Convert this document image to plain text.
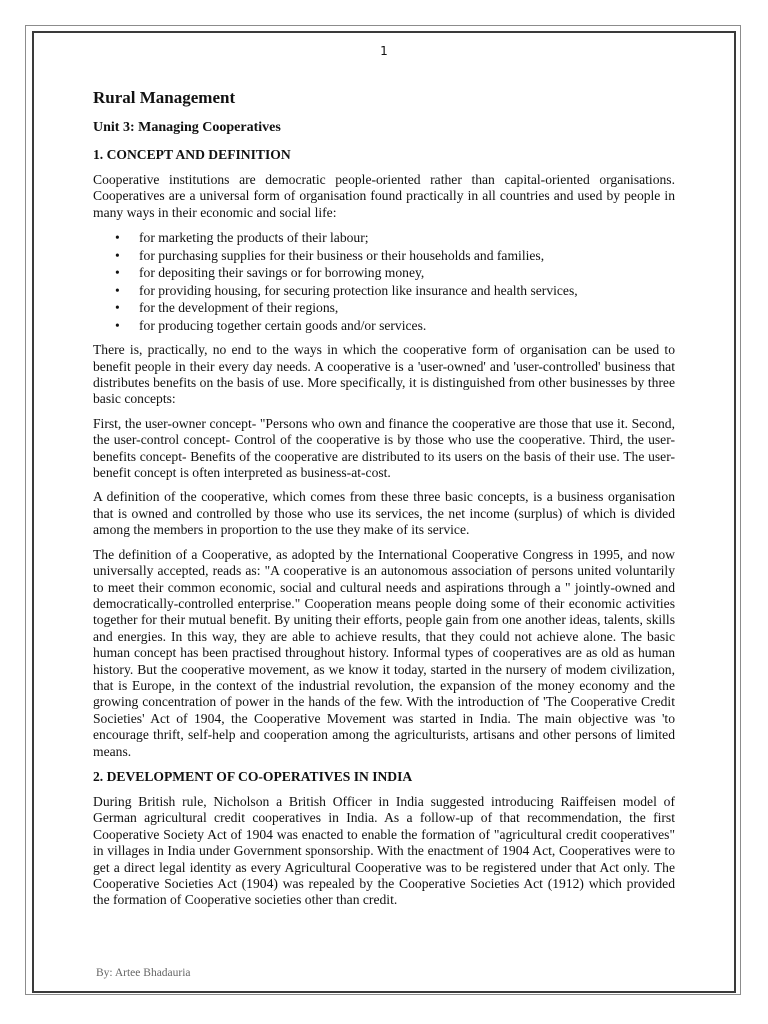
1
Rural Management
Unit 3: Managing Cooperatives
1. CONCEPT AND DEFINITION

Cooperative institutions are democratic people-oriented rather than capital-oriented organisations. Cooperatives are a universal form of organisation found practically in all countries and used by people in many ways in their economic and social life:

• for marketing the products of their labour;
• for purchasing supplies for their business or their households and families,
• for depositing their savings or for borrowing money,
• for providing housing, for securing protection like insurance and health services,
• for the development of their regions,
• for producing together certain goods and/or services.

There is, practically, no end to the ways in which the cooperative form of organisation can be used to benefit people in their every day needs. A cooperative is a 'user-owned' and 'user-controlled' business that distributes benefits on the basis of use. More specifically, it is distinguished from other businesses by three basic concepts:

First, the user-owner concept- "Persons who own and finance the cooperative are those that use it. Second, the user-control concept- Control of the cooperative is by those who use the cooperative. Third, the user-benefits concept- Benefits of the cooperative are distributed to its users on the basis of their use. The user-benefit concept is often interpreted as business-at-cost.

A definition of the cooperative, which comes from these three basic concepts, is a business organisation that is owned and controlled by those who use its services, the net income (surplus) of which is divided among the members in proportion to the use they make of its service.

The definition of a Cooperative, as adopted by the International Cooperative Congress in 1995, and now universally accepted, reads as: "A cooperative is an autonomous association of persons united voluntarily to meet their common economic, social and cultural needs and aspirations through a " jointly-owned and democratically-controlled enterprise." Cooperation means people doing some of their economic activities together for their mutual benefit. By uniting their efforts, people gain from one another ideas, talents, skills and energies. In this way, they are able to achieve results, that they could not achieve alone. The basic human concept has been practised throughout history. Informal types of cooperatives are as old as human history. But the cooperative movement, as we know it today, started in the nursery of modem civilization, that is Europe, in the context of the industrial revolution, the expansion of the money economy and the growing concentration of power in the hands of the few. With the introduction of 'The Cooperative Credit Societies' Act of 1904, the Cooperative Movement was started in India. The main objective was 'to encourage thrift, self-help and cooperation among the agriculturists, artisans and other persons of limited means.

2. DEVELOPMENT OF CO-OPERATIVES IN INDIA

During British rule, Nicholson a British Officer in India suggested introducing Raiffeisen model of German agricultural credit cooperatives in India. As a follow-up of that recommendation, the first Cooperative Society Act of 1904 was enacted to enable the formation of "agricultural credit cooperatives" in villages in India under Government sponsorship. With the enactment of 1904 Act, Cooperatives were to get a direct legal identity as every Agricultural Cooperative was to be registered under that Act only. The Cooperative Societies Act (1904) was repealed by the Cooperative Societies Act (1912) which provided the formation of Cooperative societies other than credit.

By: Artee Bhadauria
